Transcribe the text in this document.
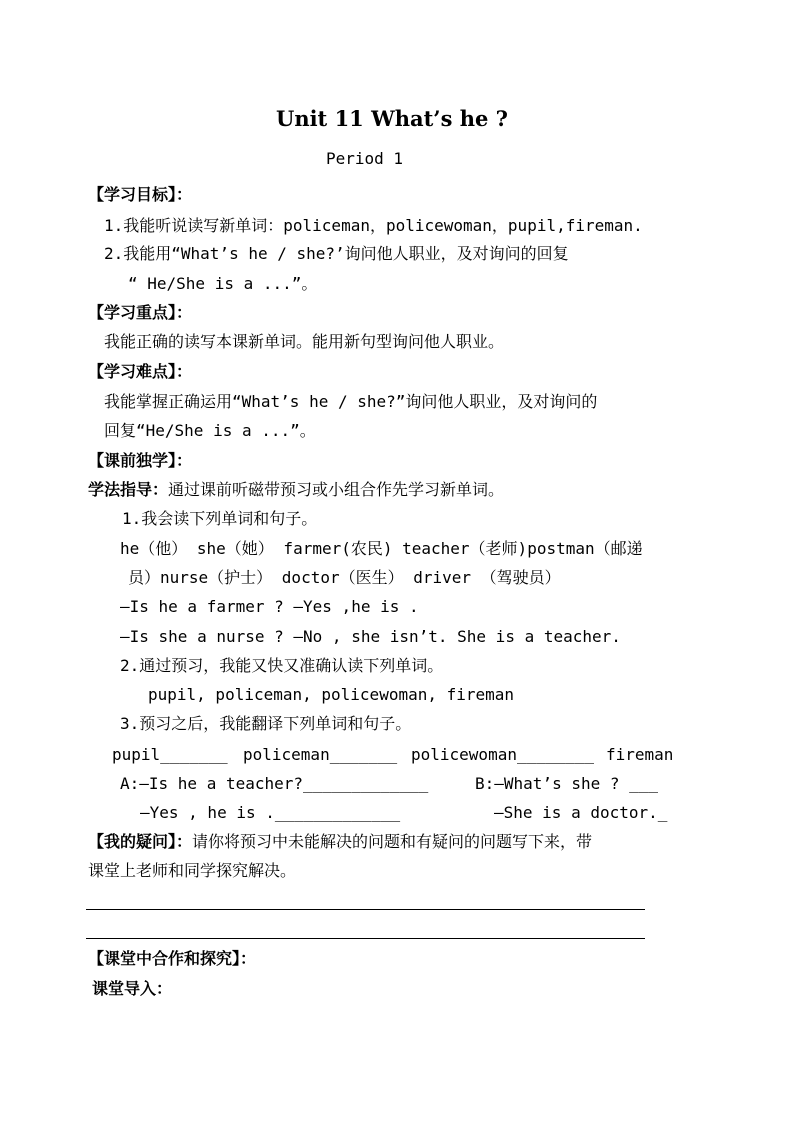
Unit 11 What’s he ?
Period 1
【学习目标】：
1.我能听说读写新单词：policeman，policewoman，pupil,fireman.
2.我能用“What’s he / she?’询问他人职业，及对询问的回复
“ He/She is a ...”。
【学习重点】：
我能正确的读写本课新单词。能用新句型询问他人职业。
【学习难点】：
我能掌握正确运用“What’s he / she?”询问他人职业，及对询问的
回复“He/She is a ...”。
【课前独学】：
学法指导：通过课前听磁带预习或小组合作先学习新单词。
1.我会读下列单词和句子。
he（他） she（她） farmer(农民) teacher（老师)postman（邮递
员）nurse（护士） doctor（医生） driver （驾驶员）
—Is he a farmer ? —Yes ,he is .
—Is she a nurse ? —No , she isn’t. She is a teacher.
2.通过预习，我能又快又准确认读下列单词。
pupil, policeman, policewoman, fireman
3.预习之后，我能翻译下列单词和句子。
pupil_______ policeman_______ policewoman________ fireman
A:—Is he a teacher?_____________	B:—What’s she ? ___
—Yes , he is ._____________	—She is a doctor._
【我的疑问】：请你将预习中未能解决的问题和有疑问的问题写下来，带
课堂上老师和同学探究解决。
【课堂中合作和探究】：
课堂导入：
